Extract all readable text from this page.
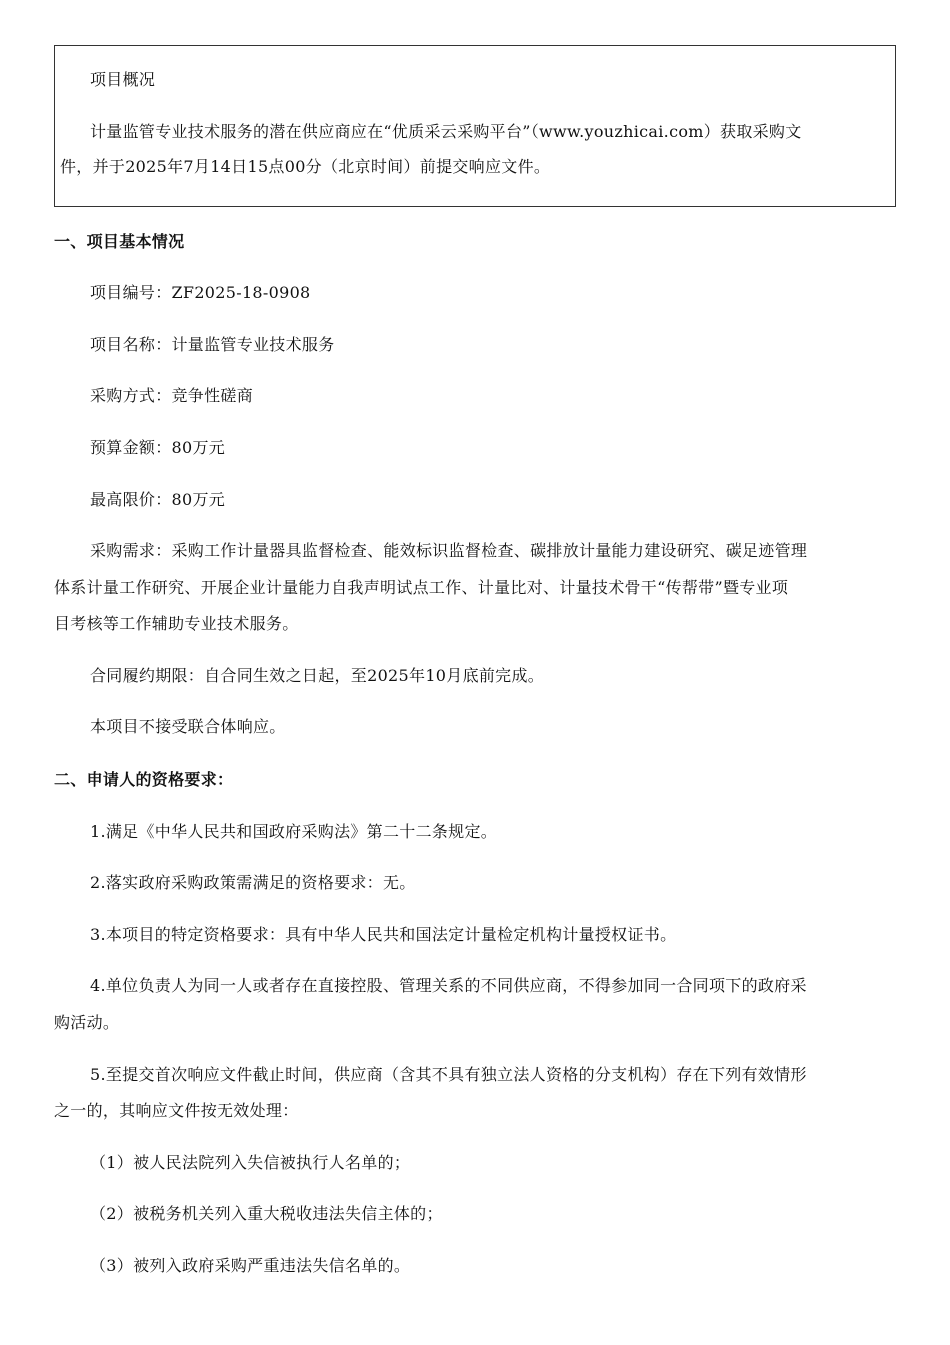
项目概况
计量监管专业技术服务的潜在供应商应在“优质采云采购平台”（www.youzhicai.com）获取采购文
件，并于2025年7月14日15点00分（北京时间）前提交响应文件。
一、项目基本情况
项目编号：ZF2025-18-0908
项目名称：计量监管专业技术服务
采购方式：竞争性磋商
预算金额：80万元
最高限价：80万元
采购需求：采购工作计量器具监督检查、能效标识监督检查、碳排放计量能力建设研究、碳足迹管理
体系计量工作研究、开展企业计量能力自我声明试点工作、计量比对、计量技术骨干“传帮带”暨专业项
目考核等工作辅助专业技术服务。
合同履约期限：自合同生效之日起，至2025年10月底前完成。
本项目不接受联合体响应。
二、申请人的资格要求：
1.满足《中华人民共和国政府采购法》第二十二条规定。
2.落实政府采购政策需满足的资格要求：无。
3.本项目的特定资格要求：具有中华人民共和国法定计量检定机构计量授权证书。
4.单位负责人为同一人或者存在直接控股、管理关系的不同供应商，不得参加同一合同项下的政府采
购活动。
5.至提交首次响应文件截止时间，供应商（含其不具有独立法人资格的分支机构）存在下列有效情形
之一的，其响应文件按无效处理：
（1）被人民法院列入失信被执行人名单的；
（2）被税务机关列入重大税收违法失信主体的；
（3）被列入政府采购严重违法失信名单的。
